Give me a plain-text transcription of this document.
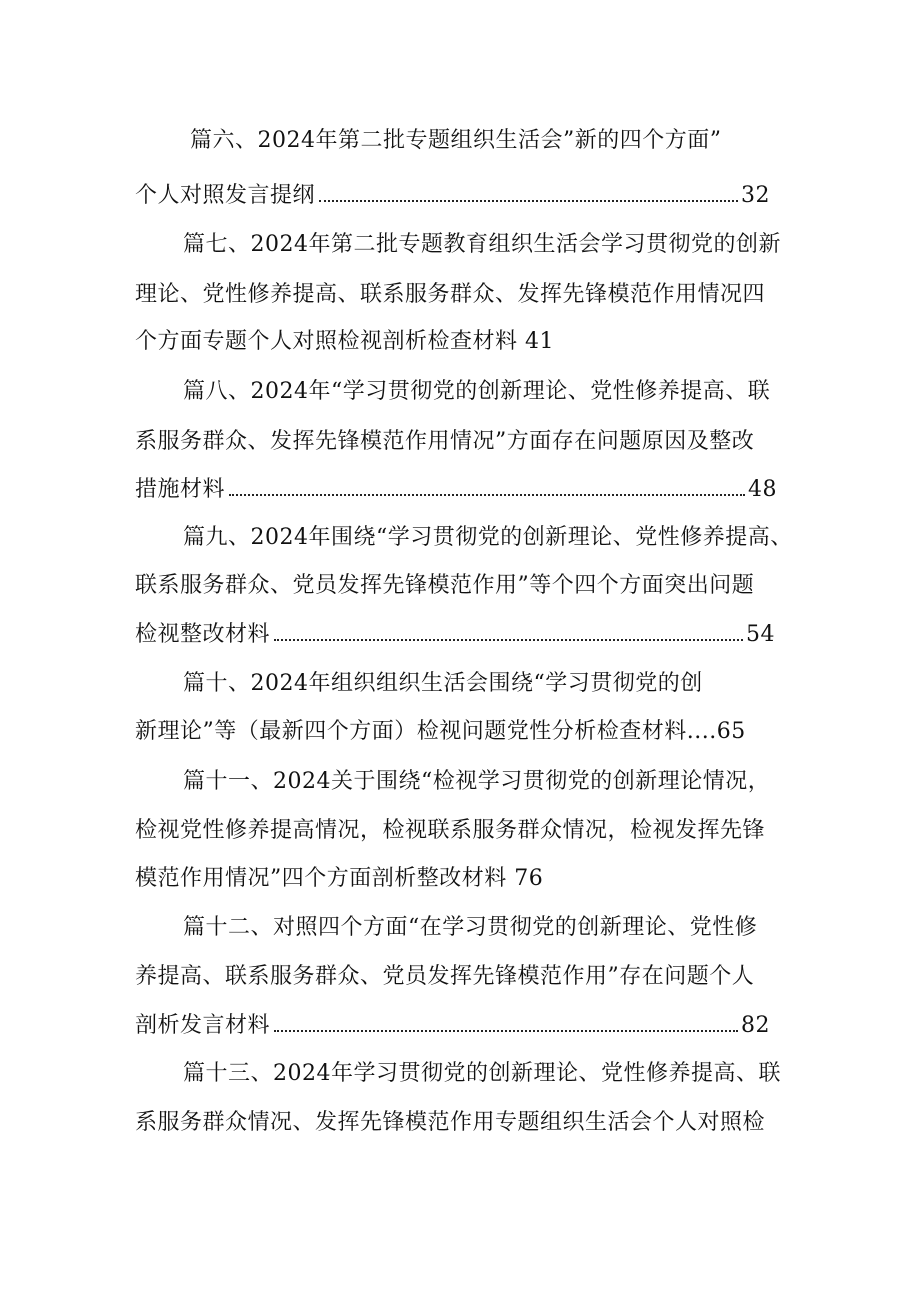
篇六、2024年第二批专题组织生活会”新的四个方面”
个人对照发言提纲	32
篇七、2024年第二批专题教育组织生活会学习贯彻党的创新
理论、党性修养提高、联系服务群众、发挥先锋模范作用情况四
个方面专题个人对照检视剖析检查材料 41
篇八、2024年“学习贯彻党的创新理论、党性修养提高、联
系服务群众、发挥先锋模范作用情况”方面存在问题原因及整改
措施材料	48
篇九、2024年围绕“学习贯彻党的创新理论、党性修养提高、
联系服务群众、党员发挥先锋模范作用”等个四个方面突出问题
检视整改材料	54
篇十、2024年组织组织生活会围绕“学习贯彻党的创
新理论”等（最新四个方面）检视问题党性分析检查材料....65
篇十一、2024关于围绕“检视学习贯彻党的创新理论情况，
检视党性修养提高情况，检视联系服务群众情况，检视发挥先锋
模范作用情况”四个方面剖析整改材料 76
篇十二、对照四个方面“在学习贯彻党的创新理论、党性修
养提高、联系服务群众、党员发挥先锋模范作用”存在问题个人
剖析发言材料	82
篇十三、2024年学习贯彻党的创新理论、党性修养提高、联
系服务群众情况、发挥先锋模范作用专题组织生活会个人对照检
